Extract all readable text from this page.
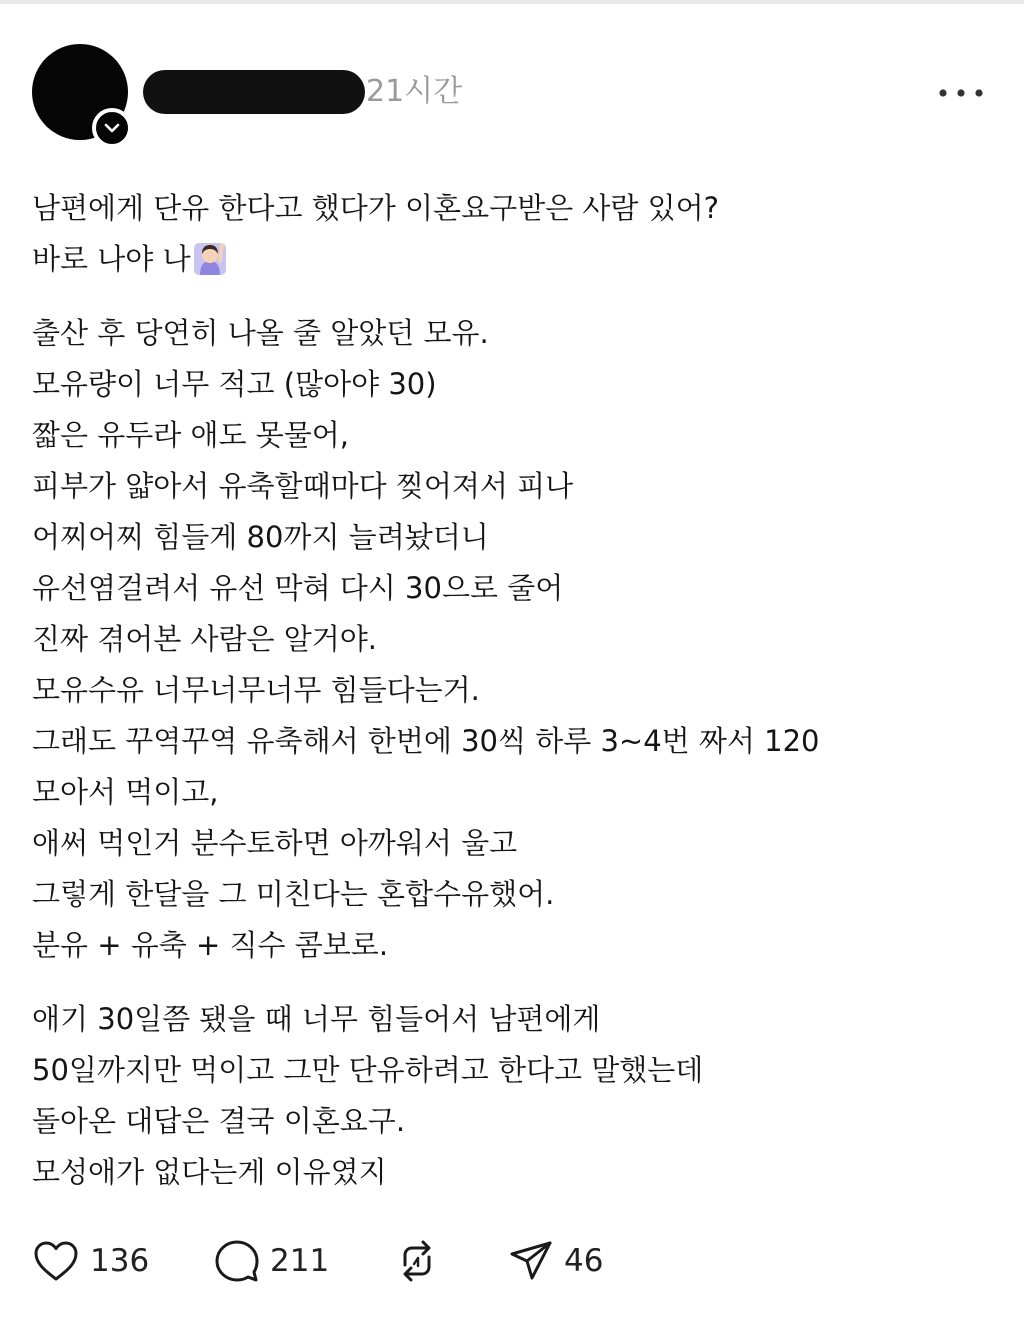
21시간
남편에게 단유 한다고 했다가 이혼요구받은 사람 있어?
바로 나야 나
출산 후 당연히 나올 줄 알았던 모유.
모유량이 너무 적고 (많아야 30)
짧은 유두라 애도 못물어,
피부가 얇아서 유축할때마다 찢어져서 피나
어찌어찌 힘들게 80까지 늘려놨더니
유선염걸려서 유선 막혀 다시 30으로 줄어
진짜 겪어본 사람은 알거야.
모유수유 너무너무너무 힘들다는거.
그래도 꾸역꾸역 유축해서 한번에 30씩 하루 3~4번 짜서 120
모아서 먹이고,
애써 먹인거 분수토하면 아까워서 울고
그렇게 한달을 그 미친다는 혼합수유했어.
분유 + 유축 + 직수 콤보로.
애기 30일쯤 됐을 때 너무 힘들어서 남편에게
50일까지만 먹이고 그만 단유하려고 한다고 말했는데
돌아온 대답은 결국 이혼요구.
모성애가 없다는게 이유였지
136	211	46
